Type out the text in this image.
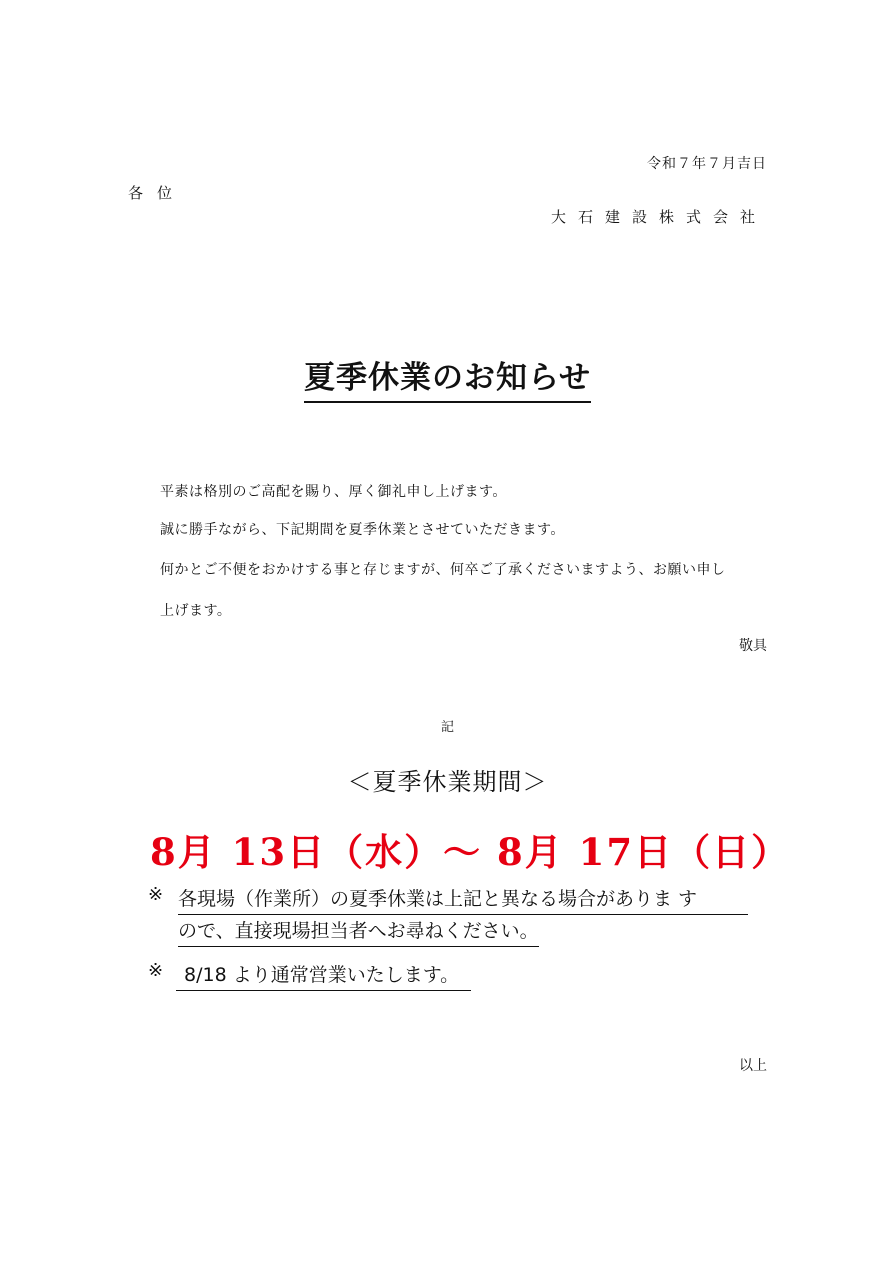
令和７年７月吉日
各位
大石建設株式会社
夏季休業のお知らせ
平素は格別のご高配を賜り、厚く御礼申し上げます。
誠に勝手ながら、下記期間を夏季休業とさせていただきます。
何かとご不便をおかけする事と存じますが、何卒ご了承くださいますよう、お願い申し
上げます。
敬具
記
＜夏季休業期間＞
8月 13日（水）～ 8月 17日（日）
※ 各現場（作業所）の夏季休業は上記と異なる場合がありま す
ので、直接現場担当者へお尋ねください。
※	8/18 より通常営業いたします。
以上
